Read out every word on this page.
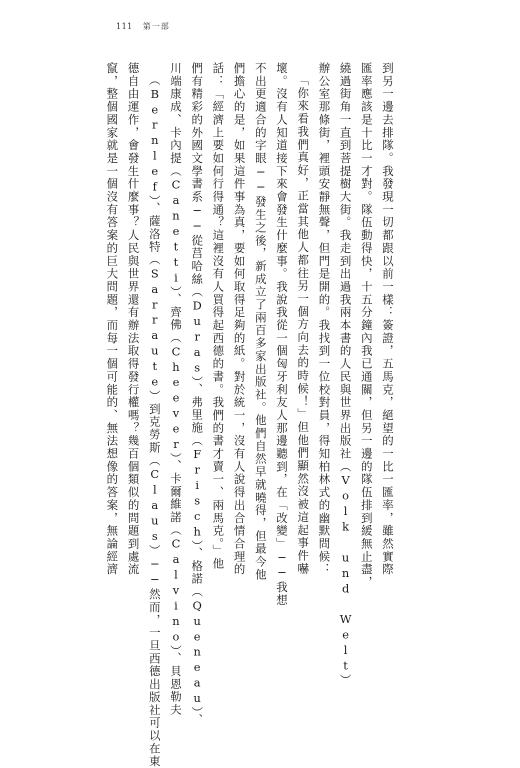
111 第一部

到另一邊去排隊。我發現一切都跟以前一樣：簽證，五馬克，絕望的一比一匯率，雖然實際

匯率應該是十比一才對。隊伍動得快，十五分鐘內我已通關，但另一邊的隊伍排到緩無止盡，

繞過街角一直到菩提樹大街。我走到出過我兩本書的人民與世界出版社（Volk und Welt）

辦公室那條街，裡頭安靜無聲，但門是開的。我找到一位校對員，得知柏林式的幽默問候：

「你來看我們真好，正當其他人都往另一個方向去的時候！」但他們顯然沒被這起事件嚇

壞。沒有人知道接下來會發生什麼事。我說我從一個匈牙利友人那邊聽到，在「改變」──我想

不出更適合的字眼──發生之後，新成立了兩百多家出版社。他們自然早就曉得，但最今他

們擔心的是，如果這件事為真，要如何取得足夠的紙。對於統一，沒有人說得出合情合理的

話：「經濟上要如何行得通？這裡沒有人買得起西德的書。我們的書才賣一、兩馬克。」他

們有精彩的外國文學書系──從莒哈絲（Duras）、弗里施（Frisch）、格諾（Queneau）、

川端康成、卡內提（Canetti）、齊佛（Cheever）、卡爾維諾（Calvino）、貝恩勒夫

（Bernlef）、薩洛特（Sarraute）到克勞斯（Claus）──然而，一旦西德出版社可以在東

德自由運作，會發生什麼事？人民與世界還有辦法取得發行權嗎？幾百個類似的問題到處流

竄，整個國家就是一個沒有答案的巨大問題，而每一個可能的、無法想像的答案，無論經濟
